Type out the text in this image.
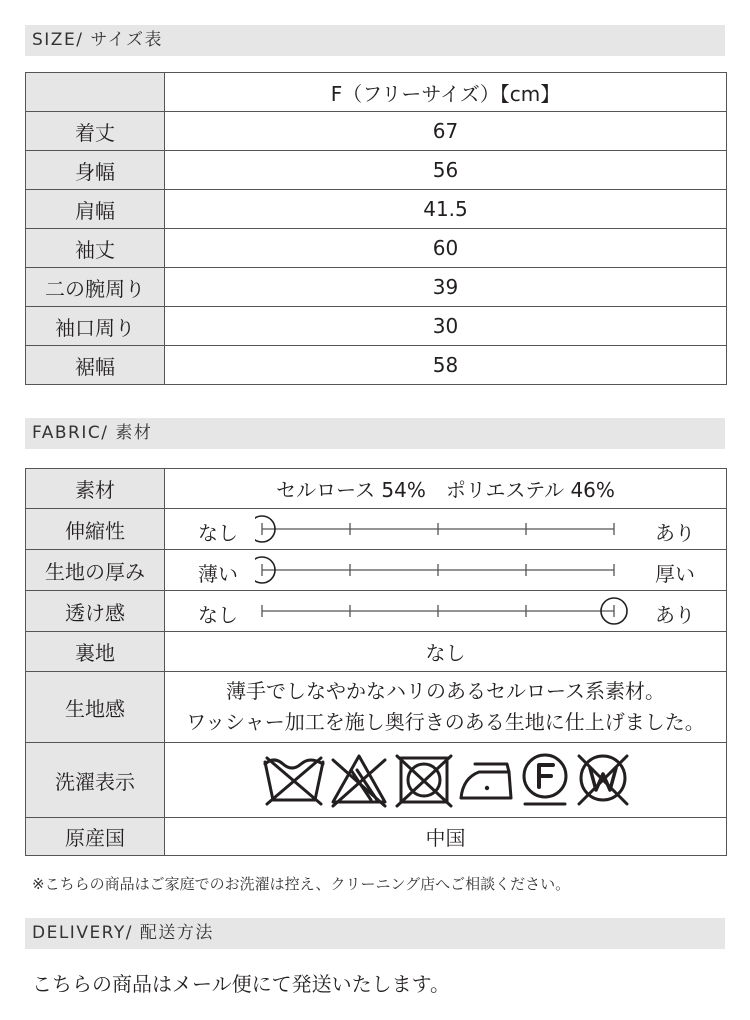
SIZE/ サイズ表
	F（フリーサイズ）【cm】
着丈	67
身幅	56
肩幅	41.5
袖丈	60
二の腕周り	39
袖口周り	30
裾幅	58
FABRIC/ 素材
素材	セルロース 54%　ポリエステル 46%
伸縮性	なし あり

生地の厚み	薄い 厚い

透け感	なし あり

裏地	なし
生地感	薄手でしなやかなハリのあるセルロース系素材。
ワッシャー加工を施し奥行きのある生地に仕上げました。

洗濯表示	

原産国	中国
※こちらの商品はご家庭でのお洗濯は控え、クリーニング店へご相談ください。
DELIVERY/ 配送方法
こちらの商品はメール便にて発送いたします。
